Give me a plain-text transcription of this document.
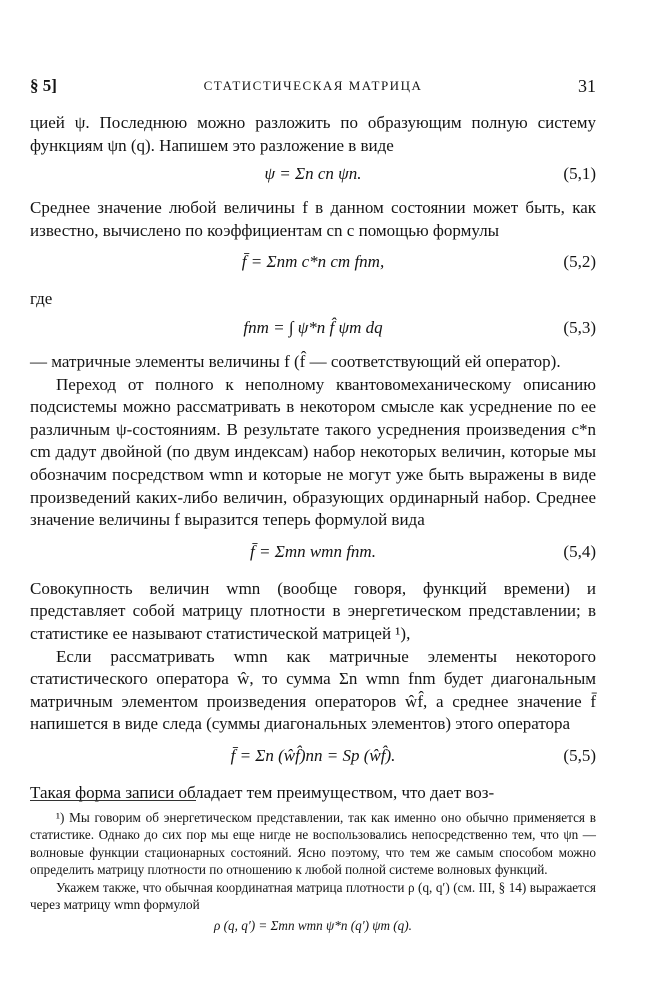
§ 5]	СТАТИСТИЧЕСКАЯ МАТРИЦА	31

цией ψ. Последнюю можно разложить по образующим полную систему функциям ψn (q). Напишем это разложение в виде

ψ = Σn cn ψn.	(5,1)

Среднее значение любой величины f в данном состоянии может быть, как известно, вычислено по коэффициентам cn с помощью формулы

f̄ = Σnm c*n cm fnm,	(5,2)

где

fnm = ∫ ψ*n f̂ ψm dq	(5,3)

— матричные элементы величины f (f̂ — соответствующий ей оператор).

Переход от полного к неполному квантовомеханическому описанию подсистемы можно рассматривать в некотором смысле как усреднение по ее различным ψ-состояниям. В результате такого усреднения произведения c*n cm дадут двойной (по двум индексам) набор некоторых величин, которые мы обозначим посредством wmn и которые не могут уже быть выражены в виде произведений каких-либо величин, образующих ординарный набор. Среднее значение величины f выразится теперь формулой вида

f̄ = Σmn wmn fnm.	(5,4)

Совокупность величин wmn (вообще говоря, функций времени) и представляет собой матрицу плотности в энергетическом представлении; в статистике ее называют статистической матрицей ¹),

Если рассматривать wmn как матричные элементы некоторого статистического оператора ŵ, то сумма Σn wmn fnm будет диагональным матричным элементом произведения операторов ŵf̂, а среднее значение f̄ напишется в виде следа (суммы диагональных элементов) этого оператора

f̄ = Σn (ŵf̂)nn = Sp (ŵf̂).	(5,5)

Такая форма записи обладает тем преимуществом, что дает воз-

¹) Мы говорим об энергетическом представлении, так как именно оно обычно применяется в статистике. Однако до сих пор мы еще нигде не воспользовались непосредственно тем, что ψn — волновые функции стационарных состояний. Ясно поэтому, что тем же самым способом можно определить матрицу плотности по отношению к любой полной системе волновых функций.

Укажем также, что обычная координатная матрица плотности ρ (q, q′) (см. III, § 14) выражается через матрицу wmn формулой

ρ (q, q′) = Σmn wmn ψ*n (q′) ψm (q).
